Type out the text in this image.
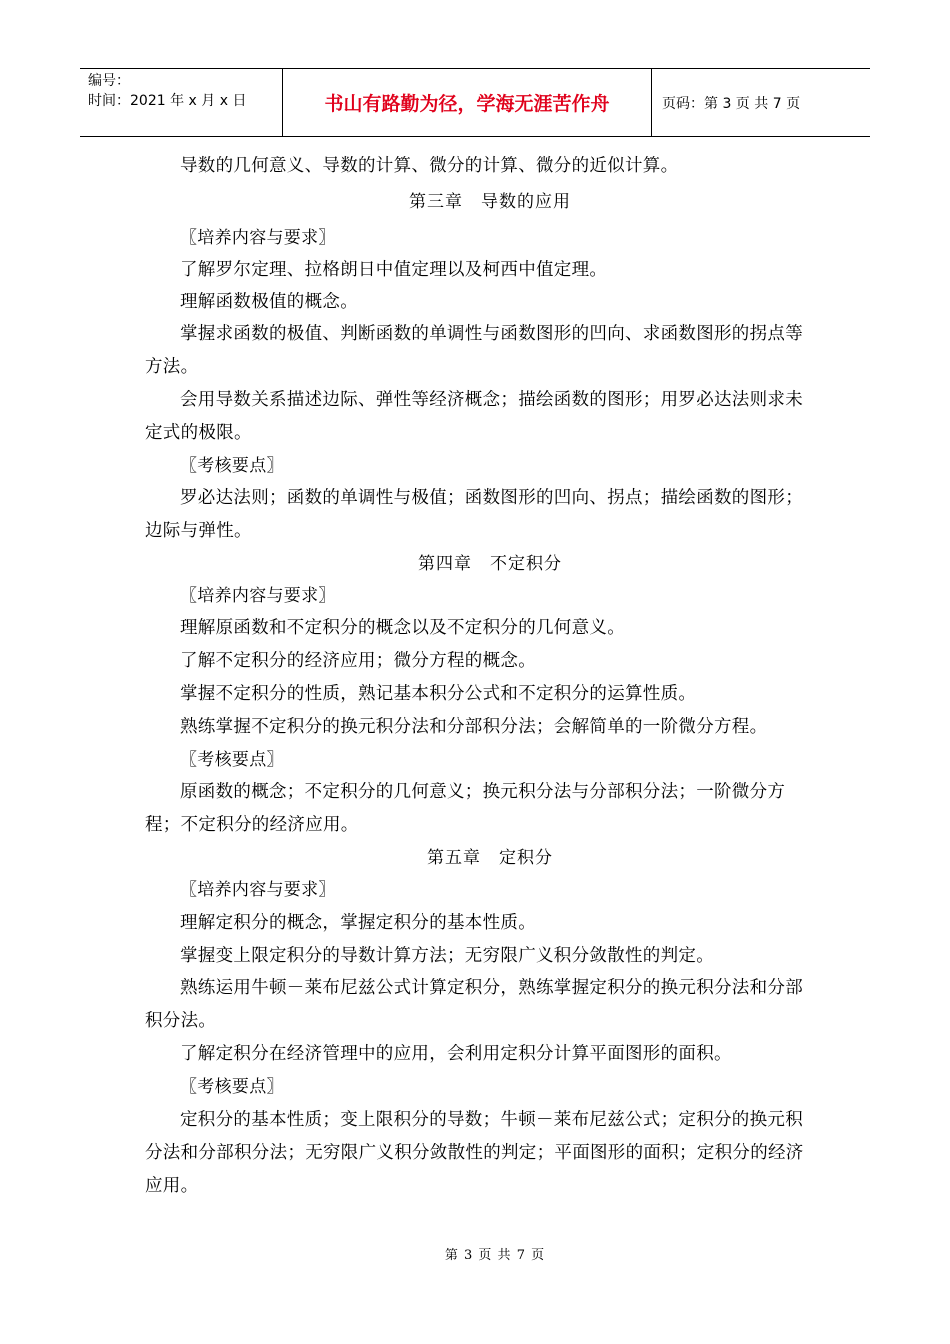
编号：
时间：2021 年 x 月 x 日	书山有路勤为径，学海无涯苦作舟	页码：第 3 页 共 7 页
导数的几何意义、导数的计算、微分的计算、微分的近似计算。
第三章　导数的应用
〖培养内容与要求〗
了解罗尔定理、拉格朗日中值定理以及柯西中值定理。
理解函数极值的概念。
掌握求函数的极值、判断函数的单调性与函数图形的凹向、求函数图形的拐点等方法。
会用导数关系描述边际、弹性等经济概念；描绘函数的图形；用罗必达法则求未定式的极限。
〖考核要点〗
罗必达法则；函数的单调性与极值；函数图形的凹向、拐点；描绘函数的图形；边际与弹性。
第四章　不定积分
〖培养内容与要求〗
理解原函数和不定积分的概念以及不定积分的几何意义。
了解不定积分的经济应用；微分方程的概念。
掌握不定积分的性质，熟记基本积分公式和不定积分的运算性质。
熟练掌握不定积分的换元积分法和分部积分法；会解简单的一阶微分方程。
〖考核要点〗
原函数的概念；不定积分的几何意义；换元积分法与分部积分法；一阶微分方程；不定积分的经济应用。
第五章　定积分
〖培养内容与要求〗
理解定积分的概念，掌握定积分的基本性质。
掌握变上限定积分的导数计算方法；无穷限广义积分敛散性的判定。
熟练运用牛顿－莱布尼兹公式计算定积分，熟练掌握定积分的换元积分法和分部积分法。
了解定积分在经济管理中的应用，会利用定积分计算平面图形的面积。
〖考核要点〗
定积分的基本性质；变上限积分的导数；牛顿－莱布尼兹公式；定积分的换元积分法和分部积分法；无穷限广义积分敛散性的判定；平面图形的面积；定积分的经济应用。
第 3 页 共 7 页
